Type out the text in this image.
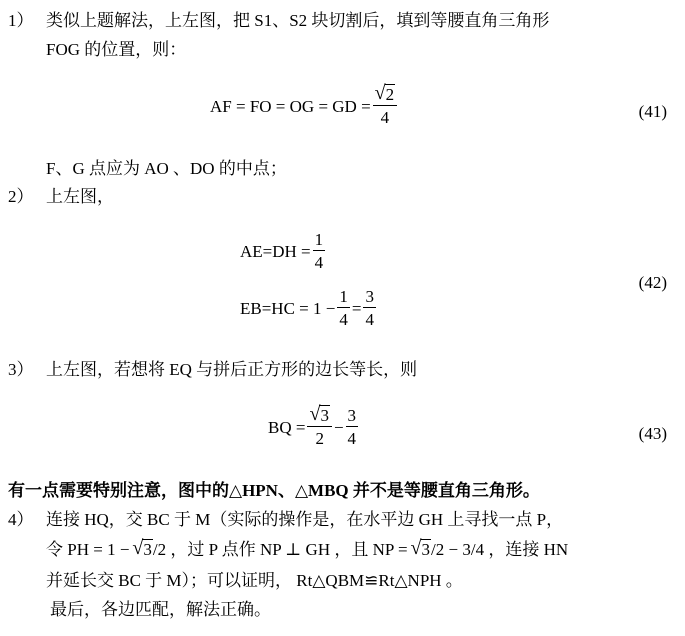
1） 类似上题解法，上左图，把 S1、S2 块切割后，填到等腰直角三角形
FOG 的位置，则：
AF = FO = OG = GD = $\frac{√ 2}{4}$	(41)
F、G 点应为 AO 、DO 的中点；
2） 上左图，
$AE=DH = \frac{1}{4}$
$EB=HC = 1 - \frac{1}{4} = \frac{3}{4}$
(42)
3） 上左图，若想将 EQ 与拼后正方形的边长等长，则
BQ = $\frac{√ 3}{2} - \frac{3}{4}$	(43)
有一点需要特别注意，图中的△HPN、△MBQ 并不是等腰直角三角形。
4） 连接 HQ，交 BC 于 M（实际的操作是，在水平边 GH 上寻找一点 P，
令 PH = 1 − √ 3 /2 ，过 P 点作 NP ⊥ GH ，且 NP = √ 3 /2 − 3/4 ，连接 HN
并延长交 BC 于 M）；可以证明， Rt△QBM≌Rt△NPH 。
最后，各边匹配，解法正确。
